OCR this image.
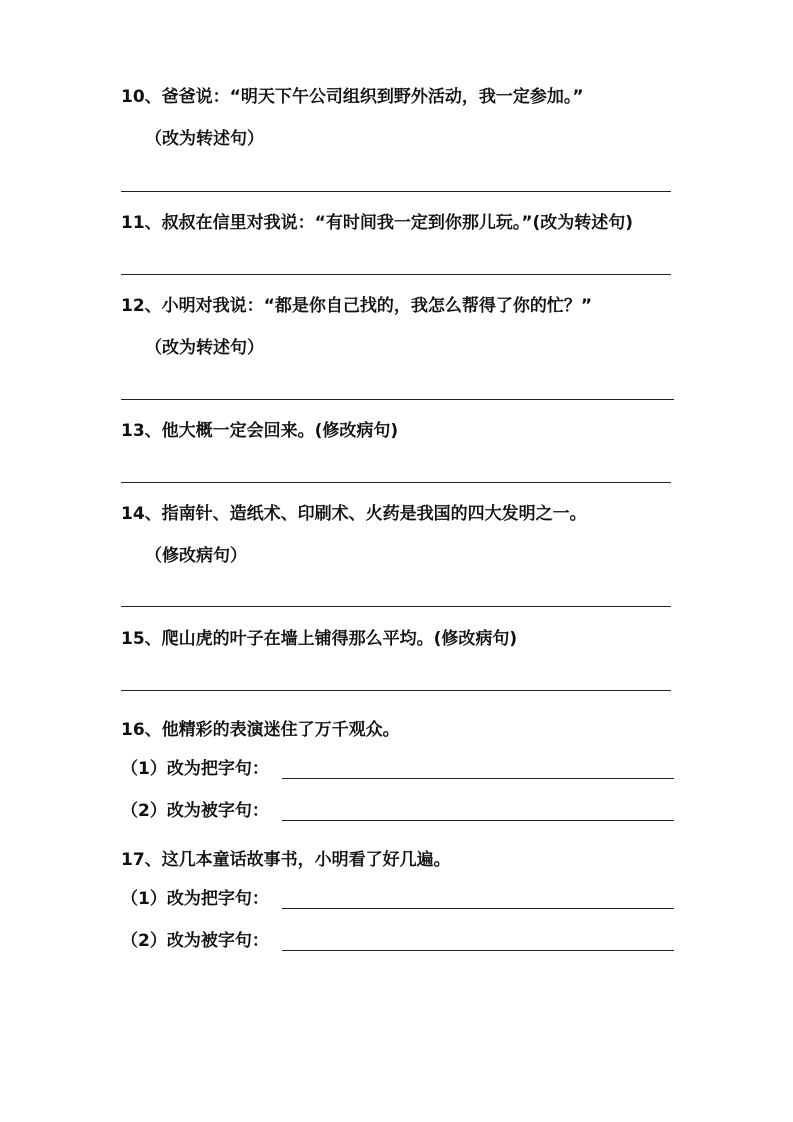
10、爸爸说：“明天下午公司组织到野外活动，我一定参加。”
（改为转述句）
11、叔叔在信里对我说：“有时间我一定到你那儿玩。”(改为转述句)
12、小明对我说：“都是你自己找的，我怎么帮得了你的忙？”
（改为转述句）
13、他大概一定会回来。(修改病句)
14、指南针、造纸术、印刷术、火药是我国的四大发明之一。
（修改病句）
15、爬山虎的叶子在墙上铺得那么平均。(修改病句)
16、他精彩的表演迷住了万千观众。
（1）改为把字句：
（2）改为被字句：
17、这几本童话故事书，小明看了好几遍。
（1）改为把字句：
（2）改为被字句：
